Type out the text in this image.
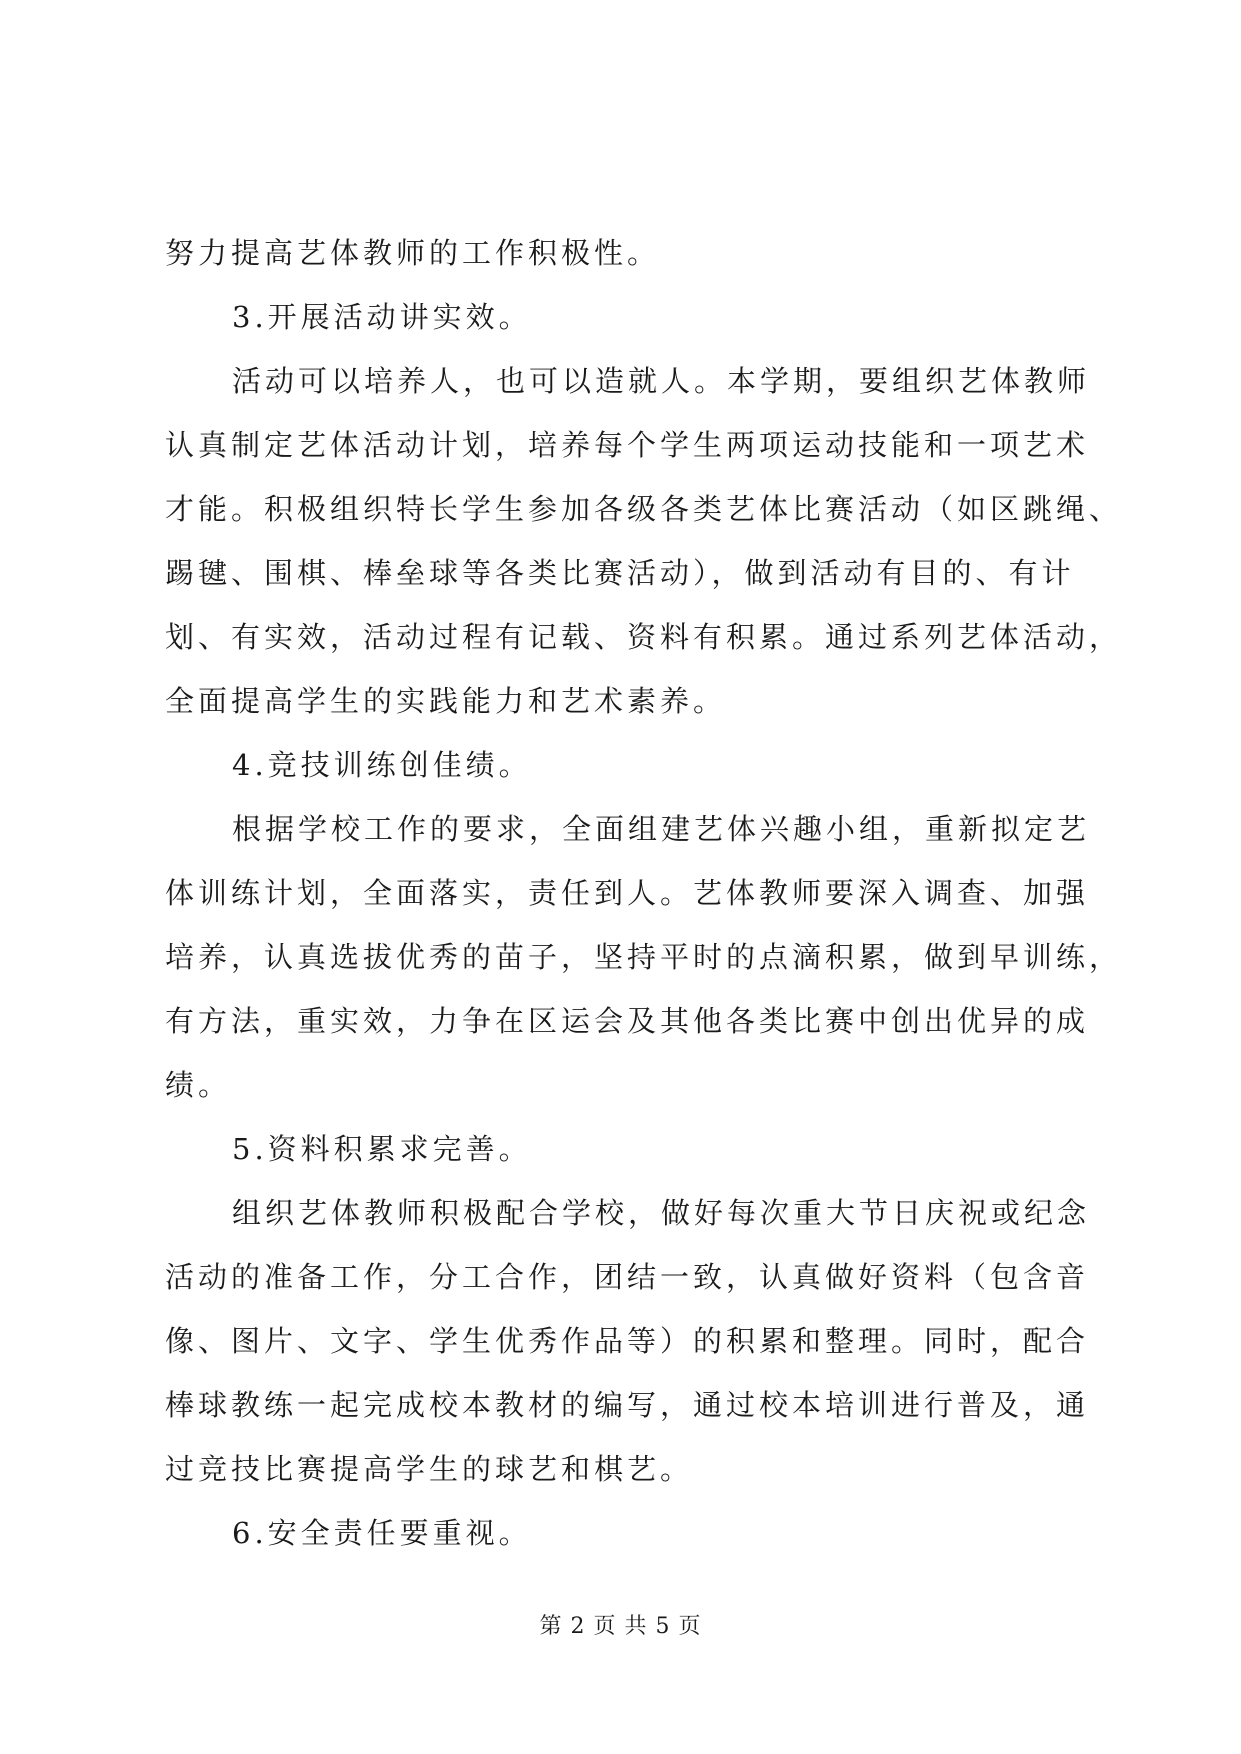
努力提高艺体教师的工作积极性。
3.开展活动讲实效。
活动可以培养人，也可以造就人。本学期，要组织艺体教师
认真制定艺体活动计划，培养每个学生两项运动技能和一项艺术
才能。积极组织特长学生参加各级各类艺体比赛活动（如区跳绳、
踢毽、围棋、棒垒球等各类比赛活动），做到活动有目的、有计
划、有实效，活动过程有记载、资料有积累。通过系列艺体活动，
全面提高学生的实践能力和艺术素养。
4.竞技训练创佳绩。
根据学校工作的要求，全面组建艺体兴趣小组，重新拟定艺
体训练计划，全面落实，责任到人。艺体教师要深入调查、加强
培养，认真选拔优秀的苗子，坚持平时的点滴积累，做到早训练，
有方法，重实效，力争在区运会及其他各类比赛中创出优异的成
绩。
5.资料积累求完善。
组织艺体教师积极配合学校，做好每次重大节日庆祝或纪念
活动的准备工作，分工合作，团结一致，认真做好资料（包含音
像、图片、文字、学生优秀作品等）的积累和整理。同时，配合
棒球教练一起完成校本教材的编写，通过校本培训进行普及，通
过竞技比赛提高学生的球艺和棋艺。
6.安全责任要重视。
第 2 页 共 5 页
